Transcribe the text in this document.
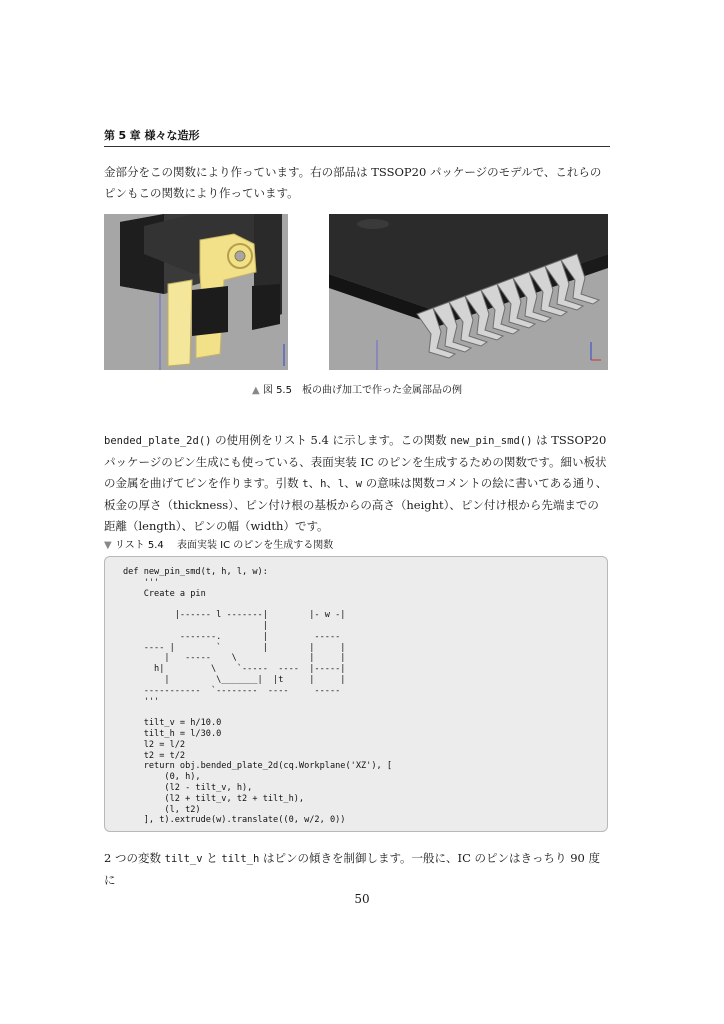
第 5 章 様々な造形
金部分をこの関数により作っています。右の部品は TSSOP20 パッケージのモデルで、これらのピンもこの関数により作っています。
▲ 図 5.5　板の曲げ加工で作った金属部品の例
bended_plate_2d() の使用例をリスト 5.4 に示します。この関数 new_pin_smd() は TSSOP20 パッケージのピン生成にも使っている、表面実装 IC のピンを生成するための関数です。細い板状の金属を曲げてピンを作ります。引数 t、h、l、w の意味は関数コメントの絵に書いてある通り、板金の厚さ（thickness）、ピン付け根の基板からの高さ（height）、ピン付け根から先端までの距離（length）、ピンの幅（width）です。
▼ リスト 5.4　 表面実装 IC のピンを生成する関数
def new_pin_smd(t, h, l, w):
'''
Create a pin

|------ l -------|        |- w -|
|
-------.        |         -----
---- |        `        |        |     |
|   -----    \              |     |
h|         \    `-----  ----  |-----|
|         \_______|  |t     |     |
-----------  `--------  ----     -----
'''

tilt_v = h/10.0
tilt_h = l/30.0
l2 = l/2
t2 = t/2
return obj.bended_plate_2d(cq.Workplane('XZ'), [
(0, h),
(l2 - tilt_v, h),
(l2 + tilt_v, t2 + tilt_h),
(l, t2)
], t).extrude(w).translate((0, w/2, 0))
2 つの変数 tilt_v と tilt_h はピンの傾きを制御します。一般に、IC のピンはきっちり 90 度に
50
